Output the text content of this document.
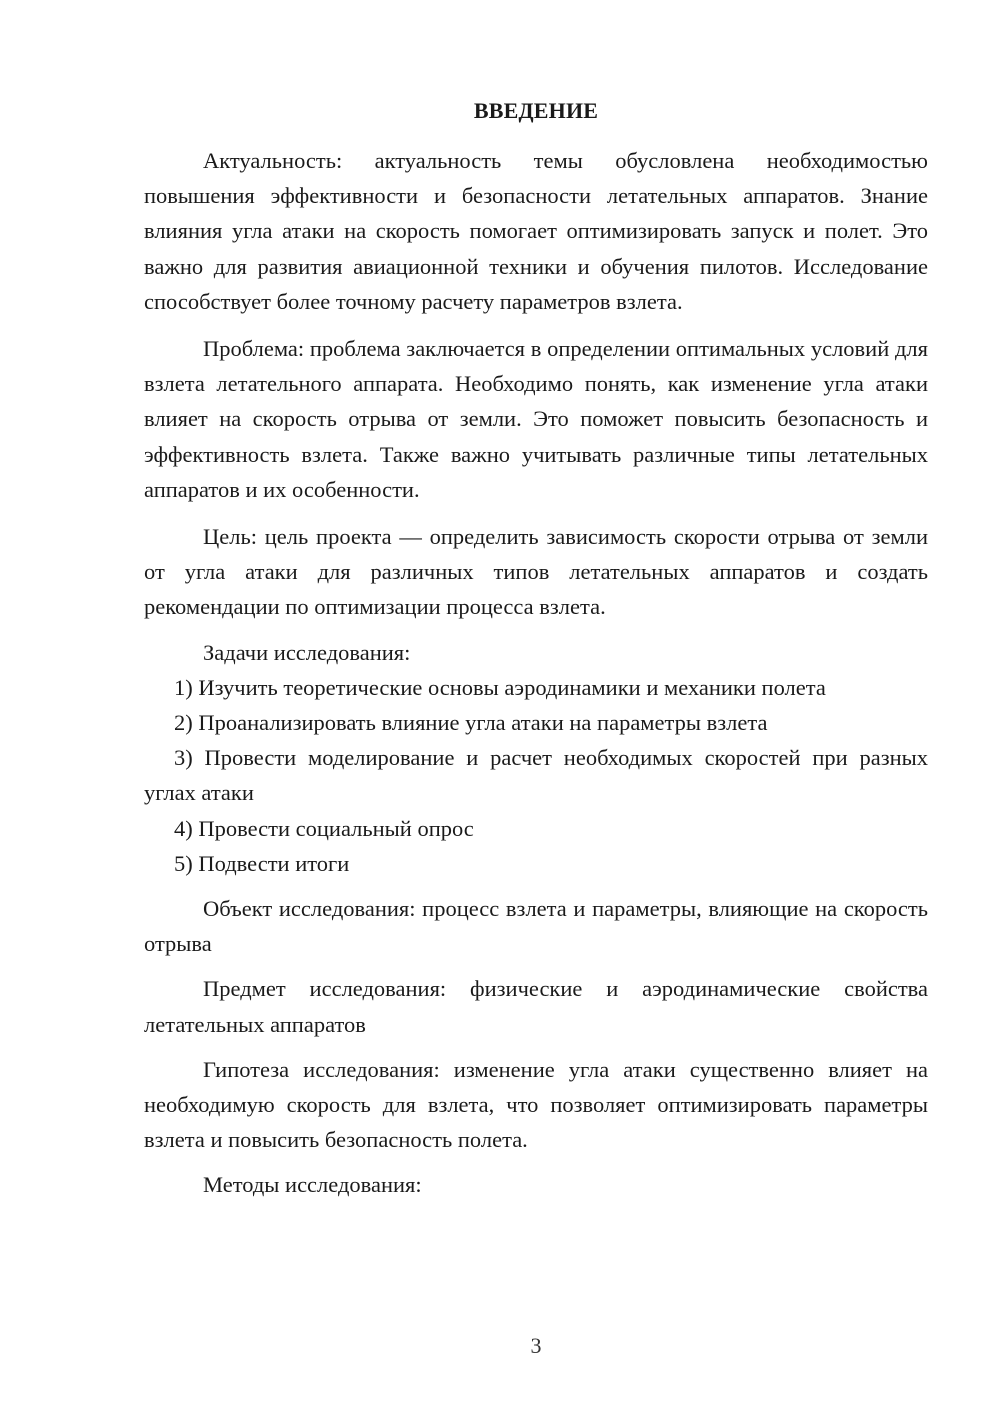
ВВЕДЕНИЕ

Актуальность: актуальность темы обусловлена необходимостью повышения эффективности и безопасности летательных аппаратов. Знание влияния угла атаки на скорость помогает оптимизировать запуск и полет. Это важно для развития авиационной техники и обучения пилотов. Исследование способствует более точному расчету параметров взлета.

Проблема: проблема заключается в определении оптимальных условий для взлета летательного аппарата. Необходимо понять, как изменение угла атаки влияет на скорость отрыва от земли. Это поможет повысить безопасность и эффективность взлета. Также важно учитывать различные типы летательных аппаратов и их особенности.

Цель: цель проекта — определить зависимость скорости отрыва от земли от угла атаки для различных типов летательных аппаратов и создать рекомендации по оптимизации процесса взлета.

Задачи исследования:

1) Изучить теоретические основы аэродинамики и механики полета

2) Проанализировать влияние угла атаки на параметры взлета

3) Провести моделирование и расчет необходимых скоростей при разных углах атаки

4) Провести социальный опрос

5) Подвести итоги

Объект исследования: процесс взлета и параметры, влияющие на скорость отрыва

Предмет исследования: физические и аэродинамические свойства летательных аппаратов

Гипотеза исследования: изменение угла атаки существенно влияет на необходимую скорость для взлета, что позволяет оптимизировать параметры взлета и повысить безопасность полета.

Методы исследования:

3
